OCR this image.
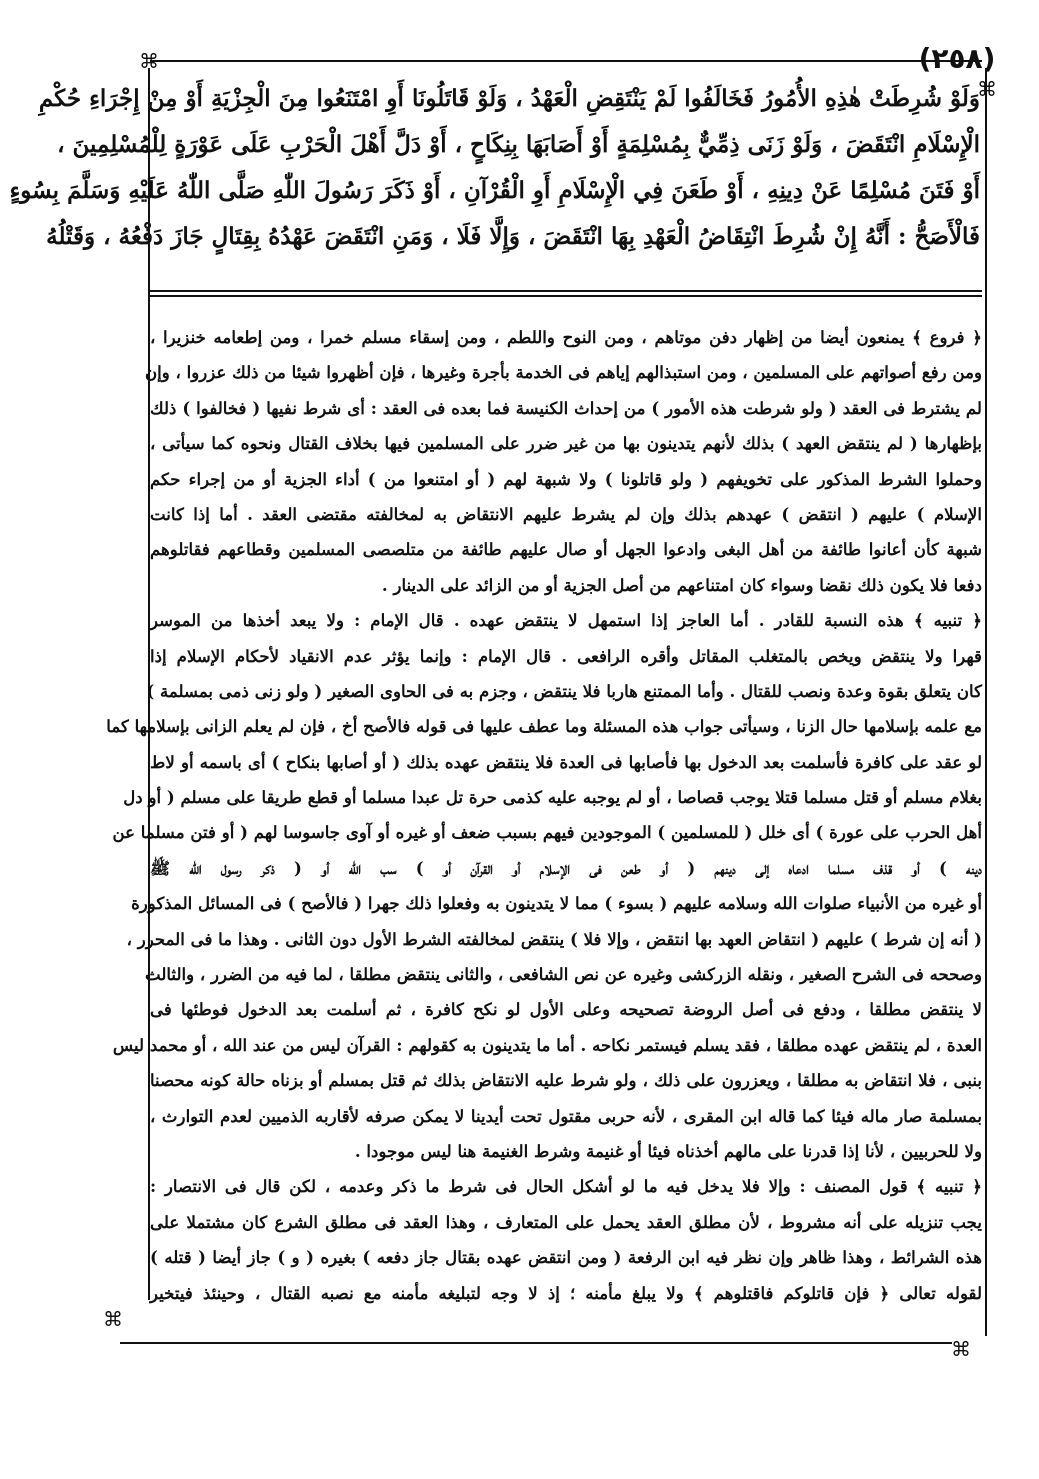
⌘
⌘
⌘
⌘
(٢٥٨)
وَلَوْ شُرِطَتْ هٰذِهِ الأُمُورُ فَخَالَفُوا لَمْ يَنْتَقِضِ الْعَهْدُ ، وَلَوْ قَاتَلُونَا أَوِ امْتَنَعُوا مِنَ الْجِزْيَةِ أَوْ مِنْ إِجْرَاءِ حُكْمِ
الْإِسْلَامِ انْتَقَضَ ، وَلَوْ زَنَى ذِمِّيٌّ بِمُسْلِمَةٍ أَوْ أَصَابَهَا بِنِكَاحٍ ، أَوْ دَلَّ أَهْلَ الْحَرْبِ عَلَى عَوْرَةٍ لِلْمُسْلِمِينَ ،
أَوْ فَتَنَ مُسْلِمًا عَنْ دِينِهِ ، أَوْ طَعَنَ فِي الْإِسْلَامِ أَوِ الْقُرْآنِ ، أَوْ ذَكَرَ رَسُولَ اللّٰهِ صَلَّى اللّٰهُ عَلَيْهِ وَسَلَّمَ بِسُوءٍ
فَالْأَصَحُّ : أَنَّهُ إِنْ شُرِطَ انْتِقَاضُ الْعَهْدِ بِهَا انْتَقَضَ ، وَإِلَّا فَلَا ، وَمَنِ انْتَقَضَ عَهْدُهُ بِقِتَالٍ جَازَ دَفْعُهُ ، وَقَتْلُهُ
﴿ فروع ﴾ يمنعون أيضا من إظهار دفن موتاهم ، ومن النوح واللطم ، ومن إسقاء مسلم خمرا ، ومن إطعامه خنزيرا ،
ومن رفع أصواتهم على المسلمين ، ومن استبذالهم إياهم فى الخدمة بأجرة وغيرها ، فإن أظهروا شيئا من ذلك عزروا ، وإن
لم يشترط فى العقد ( ولو شرطت هذه الأمور ) من إحداث الكنيسة فما بعده فى العقد : أى شرط نفيها ( فخالفوا ) ذلك
بإظهارها ( لم ينتقض العهد ) بذلك لأنهم يتدينون بها من غير ضرر على المسلمين فيها بخلاف القتال ونحوه كما سيأتى ،
وحملوا الشرط المذكور على تخويفهم ( ولو قاتلونا ) ولا شبهة لهم ( أو امتنعوا من ) أداء الجزية أو من إجراء حكم
الإسلام ) عليهم ( انتقض ) عهدهم بذلك وإن لم يشرط عليهم الانتقاض به لمخالفته مقتضى العقد . أما إذا كانت
شبهة كأن أعانوا طائفة من أهل البغى وادعوا الجهل أو صال عليهم طائفة من متلصصى المسلمين وقطاعهم فقاتلوهم
دفعا فلا يكون ذلك نقضا وسواء كان امتناعهم من أصل الجزية أو من الزائد على الدينار .
﴿ تنبيه ﴾ هذه النسبة للقادر . أما العاجز إذا استمهل لا ينتقض عهده . قال الإمام : ولا يبعد أخذها من الموسر
قهرا ولا ينتقض ويخص بالمتغلب المقاتل وأقره الرافعى . قال الإمام : وإنما يؤثر عدم الانقياد لأحكام الإسلام إذا
كان يتعلق بقوة وعدة ونصب للقتال . وأما الممتنع هاربا فلا ينتقض ، وجزم به فى الحاوى الصغير ( ولو زنى ذمى بمسلمة )
مع علمه بإسلامها حال الزنا ، وسيأتى جواب هذه المسئلة وما عطف عليها فى قوله فالأصح أخ ، فإن لم يعلم الزانى بإسلامها كما
لو عقد على كافرة فأسلمت بعد الدخول بها فأصابها فى العدة فلا ينتقض عهده بذلك ( أو أصابها بنكاح ) أى باسمه أو لاط
بغلام مسلم أو قتل مسلما قتلا يوجب قصاصا ، أو لم يوجبه عليه كذمى حرة تل عبدا مسلما أو قطع طريقا على مسلم ( أو دل
أهل الحرب على عورة ) أى خلل ( للمسلمين ) الموجودين فيهم بسبب ضعف أو غيره أو آوى جاسوسا لهم ( أو فتن مسلما عن
دينه ) أو قذف مسلما ادعاه إلى دينهم ( أو طعن فى الإسلام أو القرآن أو ) سب الله أو ( ذكر رسول الله ﷺ
أو غيره من الأنبياء صلوات الله وسلامه عليهم ( بسوء ) مما لا يتدينون به وفعلوا ذلك جهرا ( فالأصح ) فى المسائل المذكورة
( أنه إن شرط ) عليهم ( انتقاض العهد بها انتقض ، وإلا فلا ) ينتقض لمخالفته الشرط الأول دون الثانى . وهذا ما فى المحرر ،
وصححه فى الشرح الصغير ، ونقله الزركشى وغيره عن نص الشافعى ، والثانى ينتقض مطلقا ، لما فيه من الضرر ، والثالث
لا ينتقض مطلقا ، ودفع فى أصل الروضة تصحيحه وعلى الأول لو نكح كافرة ، ثم أسلمت بعد الدخول فوطئها فى
العدة ، لم ينتقض عهده مطلقا ، فقد يسلم فيستمر نكاحه . أما ما يتدينون به كقولهم : القرآن ليس من عند الله ، أو محمد ليس
بنبى ، فلا انتقاض به مطلقا ، ويعزرون على ذلك ، ولو شرط عليه الانتقاض بذلك ثم قتل بمسلم أو بزناه حالة كونه محصنا
بمسلمة صار ماله فيئا كما قاله ابن المقرى ، لأنه حربى مقتول تحت أيدينا لا يمكن صرفه لأقاربه الذميين لعدم التوارث ،
ولا للحربيين ، لأنا إذا قدرنا على مالهم أخذناه فيئا أو غنيمة وشرط الغنيمة هنا ليس موجودا .
﴿ تنبيه ﴾ قول المصنف : وإلا فلا يدخل فيه ما لو أشكل الحال فى شرط ما ذكر وعدمه ، لكن قال فى الانتصار :
يجب تنزيله على أنه مشروط ، لأن مطلق العقد يحمل على المتعارف ، وهذا العقد فى مطلق الشرع كان مشتملا على
هذه الشرائط ، وهذا ظاهر وإن نظر فيه ابن الرفعة ( ومن انتقض عهده بقتال جاز دفعه ) بغيره ( و ) جاز أيضا ( قتله )
لقوله تعالى ﴿ فإن قاتلوكم فاقتلوهم ﴾ ولا يبلغ مأمنه ؛ إذ لا وجه لتبليغه مأمنه مع نصبه القتال ، وحينئذ فيتخير
